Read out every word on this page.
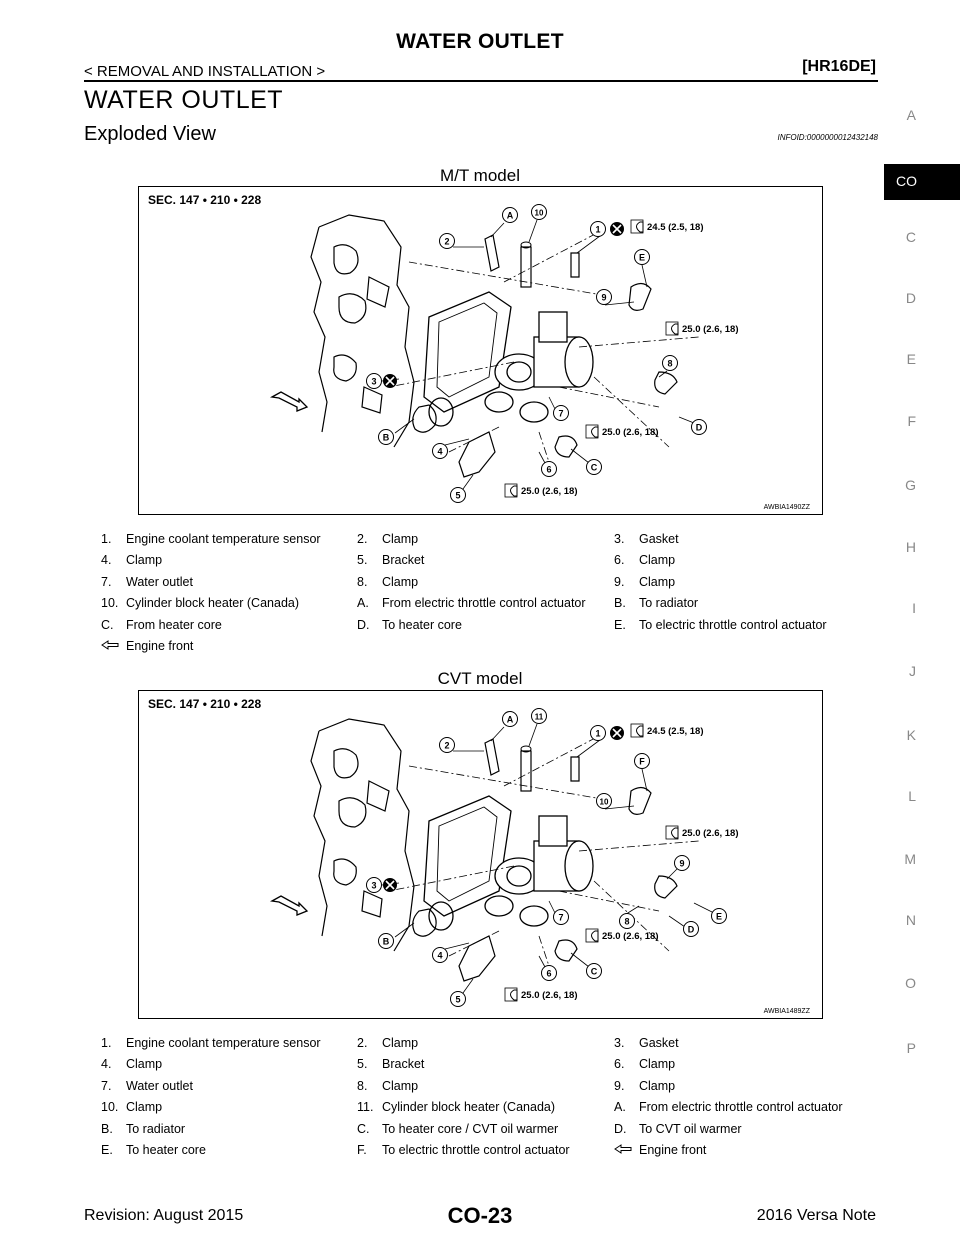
WATER OUTLET
< REMOVAL AND INSTALLATION >	[HR16DE]
WATER OUTLET
Exploded View	INFOID:0000000012432148
CO
A
C
D
E
F
G
H
I
J
K
L
M
N
O
P
M/T model
A	10
2
1
E
9
3
8
7
B
4
6	C
D
5
24.5 (2.5, 18)
25.0 (2.6, 18)
25.0 (2.6, 18)
25.0 (2.6, 18)
SEC. 147 • 210 • 228
AWBIA1490ZZ
1.	Engine coolant temperature sensor	2.	Clamp	3.	Gasket
4.	Clamp	5.	Bracket	6.	Clamp
7.	Water outlet	8.	Clamp	9.	Clamp
10. Cylinder block heater (Canada)	A.	From electric throttle control actuator B.	To radiator
C.	From heater core	D.	To heater core	E.	To electric throttle control actuator
Engine front
CVT model
A	11
2
1
F
10
3
9
8	E
D
7
B
4
6	C
5
24.5 (2.5, 18)
25.0 (2.6, 18)
25.0 (2.6, 18)
25.0 (2.6, 18)
SEC. 147 • 210 • 228
AWBIA1489ZZ
1.	Engine coolant temperature sensor	2.	Clamp	3.	Gasket
4.	Clamp	5.	Bracket	6.	Clamp
7.	Water outlet	8.	Clamp	9.	Clamp
10. Clamp	11. Cylinder block heater (Canada)	A.	From electric throttle control actuator
B.	To radiator	C.	To heater core / CVT oil warmer	D.	To CVT oil warmer
E.	To heater core	F.	To electric throttle control actuator	Engine front
Revision: August 2015	CO-23	2016 Versa Note
